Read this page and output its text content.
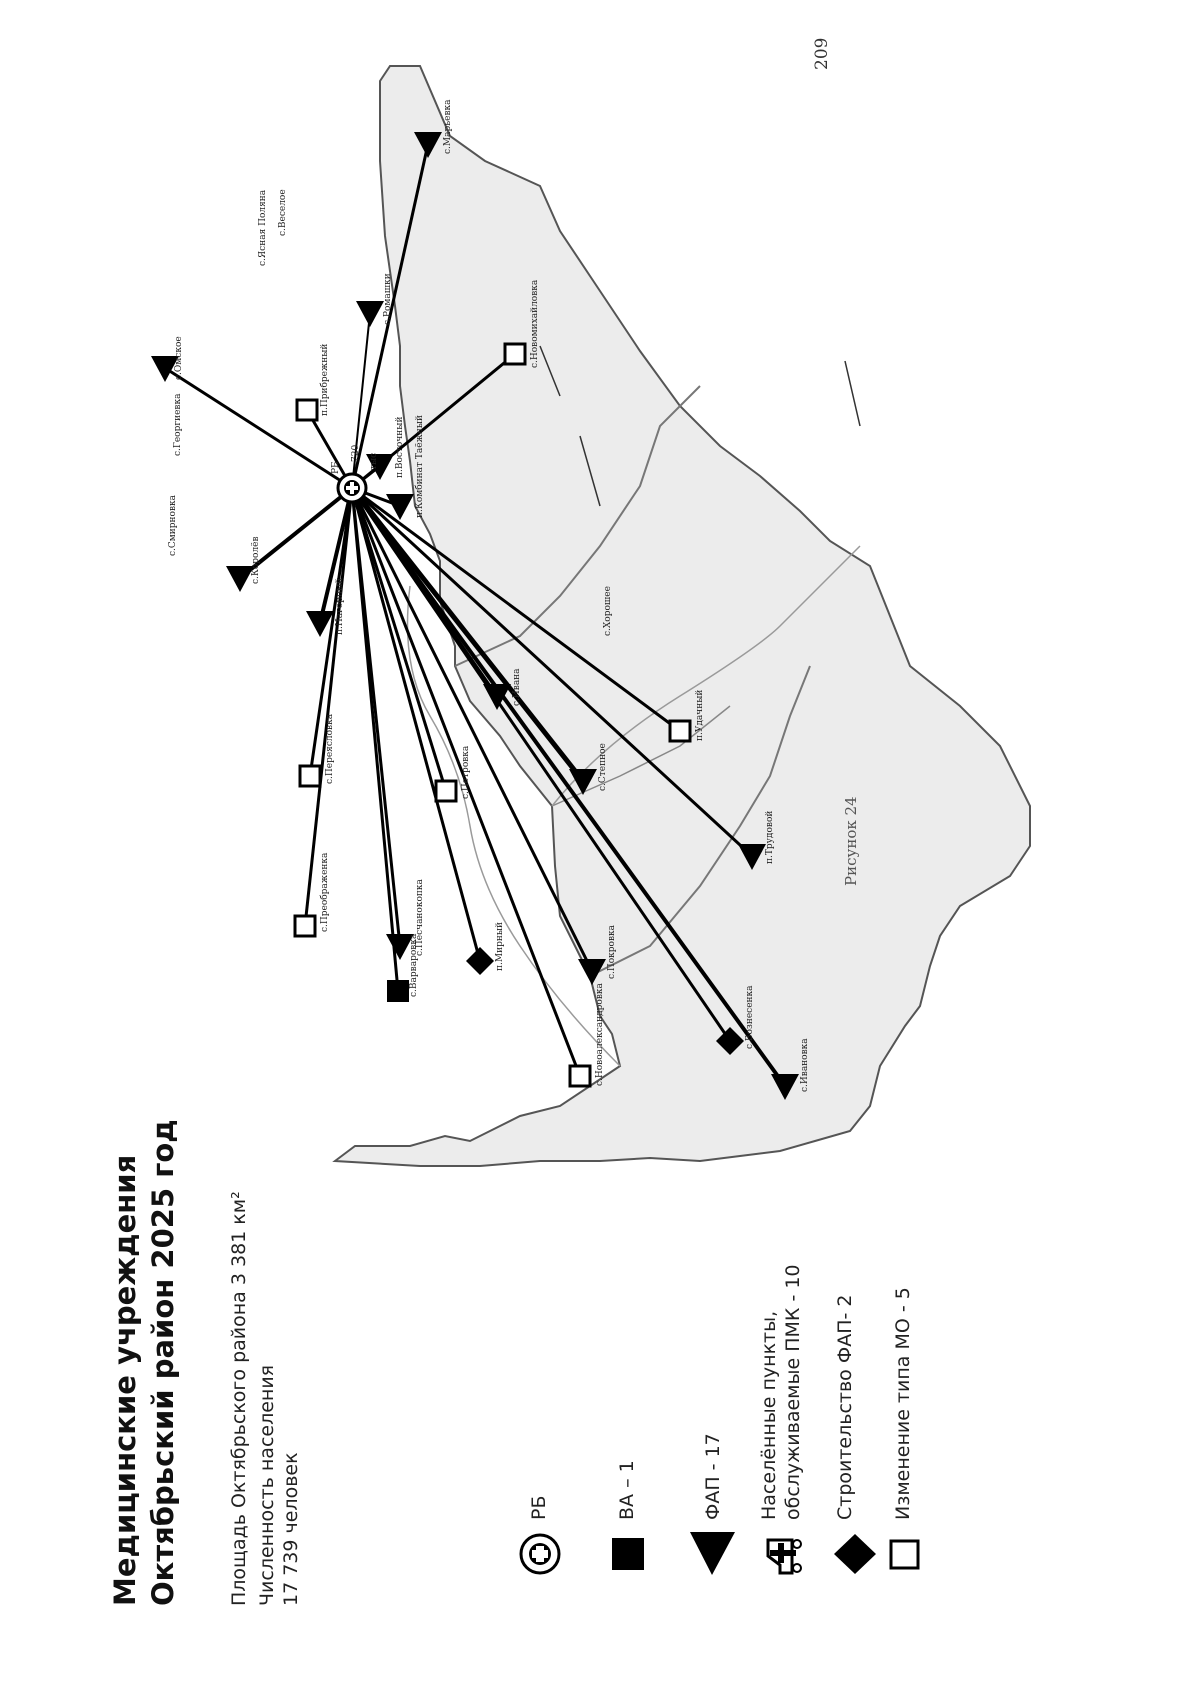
209
Медицинские учреждения Октябрьский район 2025 год	Площадь Октябрьского района 3 381 км² Численность населения 17 739 человек	РБ	ВА – 1	ФАП - 17 Населённые пункты, обслуживаемые ПМК - 10 Строительство ФАП- 2 Изменение типа МО - 5
с.Преображенка
с.Варваровка
с.Переясловка
с.Песчанокопка
с.Новоалександровка
п.Мирный	с.Покровка
с.Вознесенка
с.Ивановка
п.Трудовой
с.Петровка
с.Ивана
с.Степное
п.Удачный
с.Хорошее
п.Нагорный
с.Королёв
с.Смирновка
с.Георгиевка
с.Омское	п.Прибрежный
п.Восточный п.Комбинат Таёжный
с.Новомихайловка
с.Ромашки
с.Марьевка
с.Ясная Поляна с.Веселое
РБ
720 тыс
Рисунок 24
